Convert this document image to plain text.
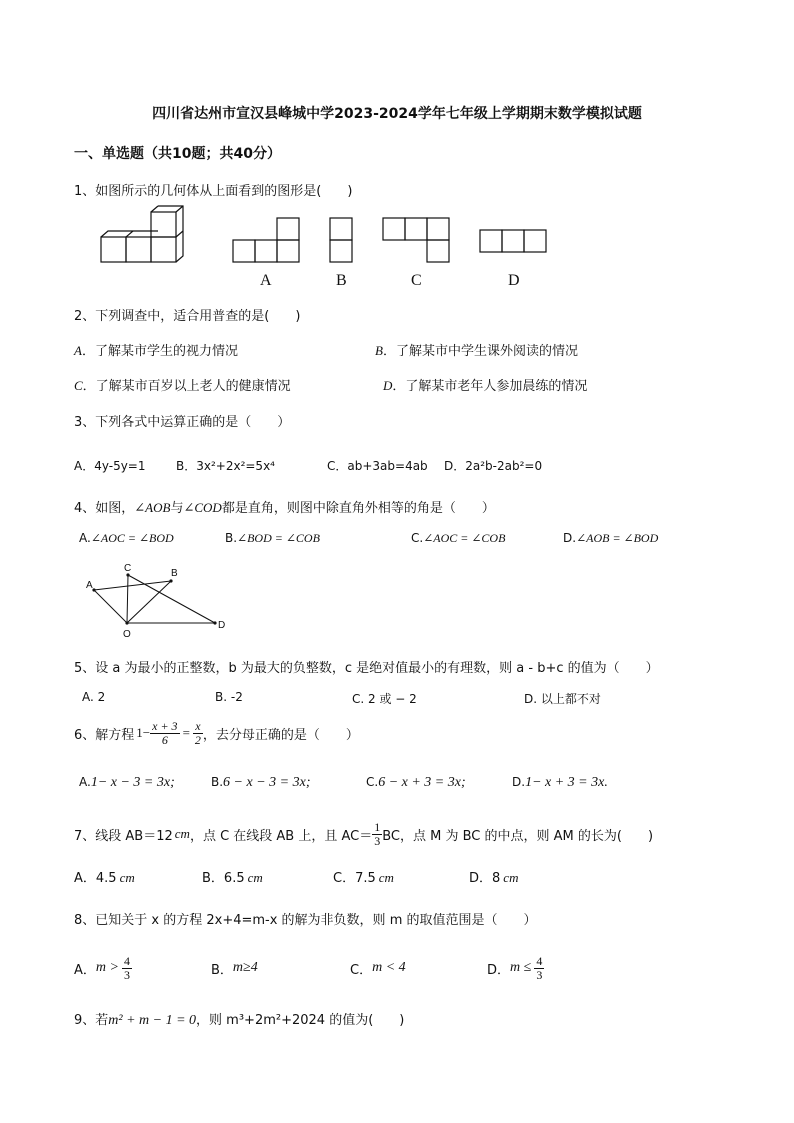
四川省达州市宣汉县峰城中学2023-2024学年七年级上学期期末数学模拟试题
一、单选题（共10题；共40分）
1、如图所示的几何体从上面看到的图形是(　　)
A	B	C	D
2、下列调查中，适合用普查的是(　　)
A．了解某市学生的视力情况	B．了解某市中学生课外阅读的情况
C．了解某市百岁以上老人的健康情况	D．了解某市老年人参加晨练的情况
3、下列各式中运算正确的是（　　）
A．4y-5y=1	B．3x²+2x²=5x⁴	C．ab+3ab=4ab D．2a²b-2ab²=0
4、如图，∠AOB与∠COD都是直角，则图中除直角外相等的角是（　　）
A.∠AOC = ∠BOD	B.∠BOD = ∠COB	C.∠AOC = ∠COB	D.∠AOB = ∠BOD
A
C	B
O
D
5、设 a 为最小的正整数，b 为最大的负整数，c 是绝对值最小的有理数，则 a - b+c 的值为（　　）
A. 2	B. -2	C. 2 或 − 2	D. 以上都不对
6、解方程 $1- \frac{x + 3}{6} = \frac{x}{2}$ ，去分母正确的是（　　）
A.1− x − 3 = 3x;	B.6 − x − 3 = 3x;	C.6 − x + 3 = 3x;	D.1− x + 3 = 3x.
7、线段 AB＝12 cm ，点 C 在线段 AB 上，且 $AC= \frac{1}{3}$ BC，点 M 为 BC 的中点，则 AM 的长为(　　)
A．4.5 cm	B．6.5 cm	C．7.5 cm	D．8 cm
8、已知关于 x 的方程 2x+4=m-x 的解为非负数，则 m 的取值范围是（　　）
A． $m > \frac{4}{3}$	B． m≥4	C． m < 4	D． $m \le \frac{4}{3}$
9、若m² + m − 1 = 0，则 m³+2m²+2024 的值为(　　)
